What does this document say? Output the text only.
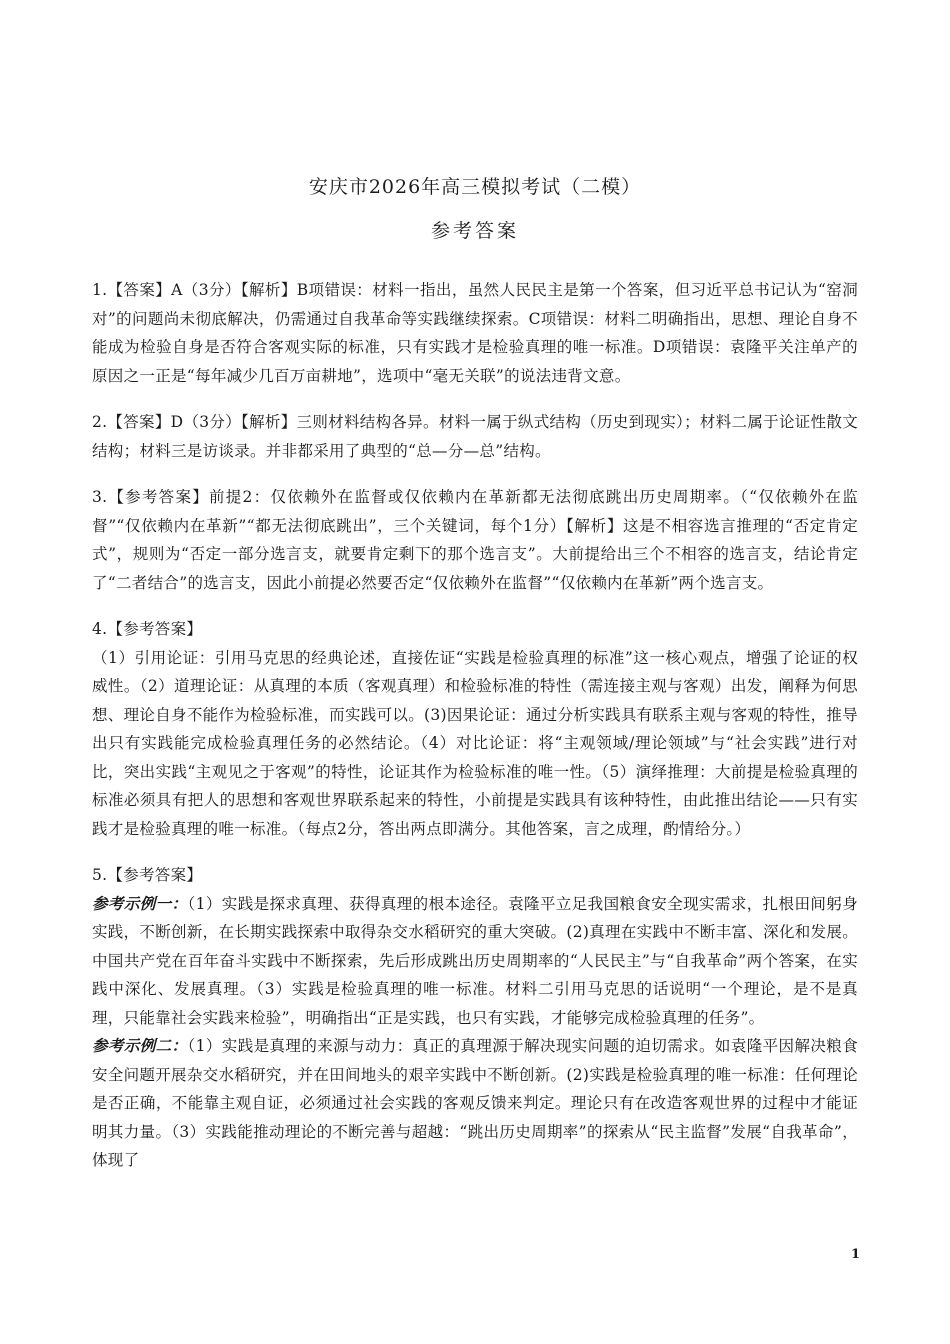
安庆市2026年高三模拟考试（二模）
参考答案

1.【答案】A（3分）【解析】B项错误：材料一指出，虽然人民民主是第一个答案，但习近平总书记认为“窑洞对”的问题尚未彻底解决，仍需通过自我革命等实践继续探索。C项错误：材料二明确指出，思想、理论自身不能成为检验自身是否符合客观实际的标准，只有实践才是检验真理的唯一标准。D项错误：袁隆平关注单产的原因之一正是“每年减少几百万亩耕地”，选项中“毫无关联”的说法违背文意。

2.【答案】D（3分）【解析】三则材料结构各异。材料一属于纵式结构（历史到现实）；材料二属于论证性散文结构；材料三是访谈录。并非都采用了典型的“总—分—总”结构。

3.【参考答案】前提2：仅依赖外在监督或仅依赖内在革新都无法彻底跳出历史周期率。（“仅依赖外在监督”“仅依赖内在革新”“都无法彻底跳出”，三个关键词，每个1分）【解析】这是不相容选言推理的“否定肯定式”，规则为“否定一部分选言支，就要肯定剩下的那个选言支”。大前提给出三个不相容的选言支，结论肯定了“二者结合”的选言支，因此小前提必然要否定“仅依赖外在监督”“仅依赖内在革新”两个选言支。

4.【参考答案】

（1）引用论证：引用马克思的经典论述，直接佐证“实践是检验真理的标准”这一核心观点，增强了论证的权威性。（2）道理论证：从真理的本质（客观真理）和检验标准的特性（需连接主观与客观）出发，阐释为何思想、理论自身不能作为检验标准，而实践可以。(3)因果论证：通过分析实践具有联系主观与客观的特性，推导出只有实践能完成检验真理任务的必然结论。（4）对比论证：将“主观领域/理论领域”与“社会实践”进行对比，突出实践“主观见之于客观”的特性，论证其作为检验标准的唯一性。（5）演绎推理：大前提是检验真理的标准必须具有把人的思想和客观世界联系起来的特性，小前提是实践具有该种特性，由此推出结论——只有实践才是检验真理的唯一标准。（每点2分，答出两点即满分。其他答案，言之成理，酌情给分。）

5.【参考答案】

参考示例一：（1）实践是探求真理、获得真理的根本途径。袁隆平立足我国粮食安全现实需求，扎根田间躬身实践，不断创新，在长期实践探索中取得杂交水稻研究的重大突破。(2)真理在实践中不断丰富、深化和发展。中国共产党在百年奋斗实践中不断探索，先后形成跳出历史周期率的“人民民主”与“自我革命”两个答案，在实践中深化、发展真理。（3）实践是检验真理的唯一标准。材料二引用马克思的话说明“一个理论，是不是真理，只能靠社会实践来检验”，明确指出“正是实践，也只有实践，才能够完成检验真理的任务”。

参考示例二：（1）实践是真理的来源与动力：真正的真理源于解决现实问题的迫切需求。如袁隆平因解决粮食安全问题开展杂交水稻研究，并在田间地头的艰辛实践中不断创新。(2)实践是检验真理的唯一标准：任何理论是否正确，不能靠主观自证，必须通过社会实践的客观反馈来判定。理论只有在改造客观世界的过程中才能证明其力量。（3）实践能推动理论的不断完善与超越：“跳出历史周期率”的探索从“民主监督”发展“自我革命”，体现了

1
